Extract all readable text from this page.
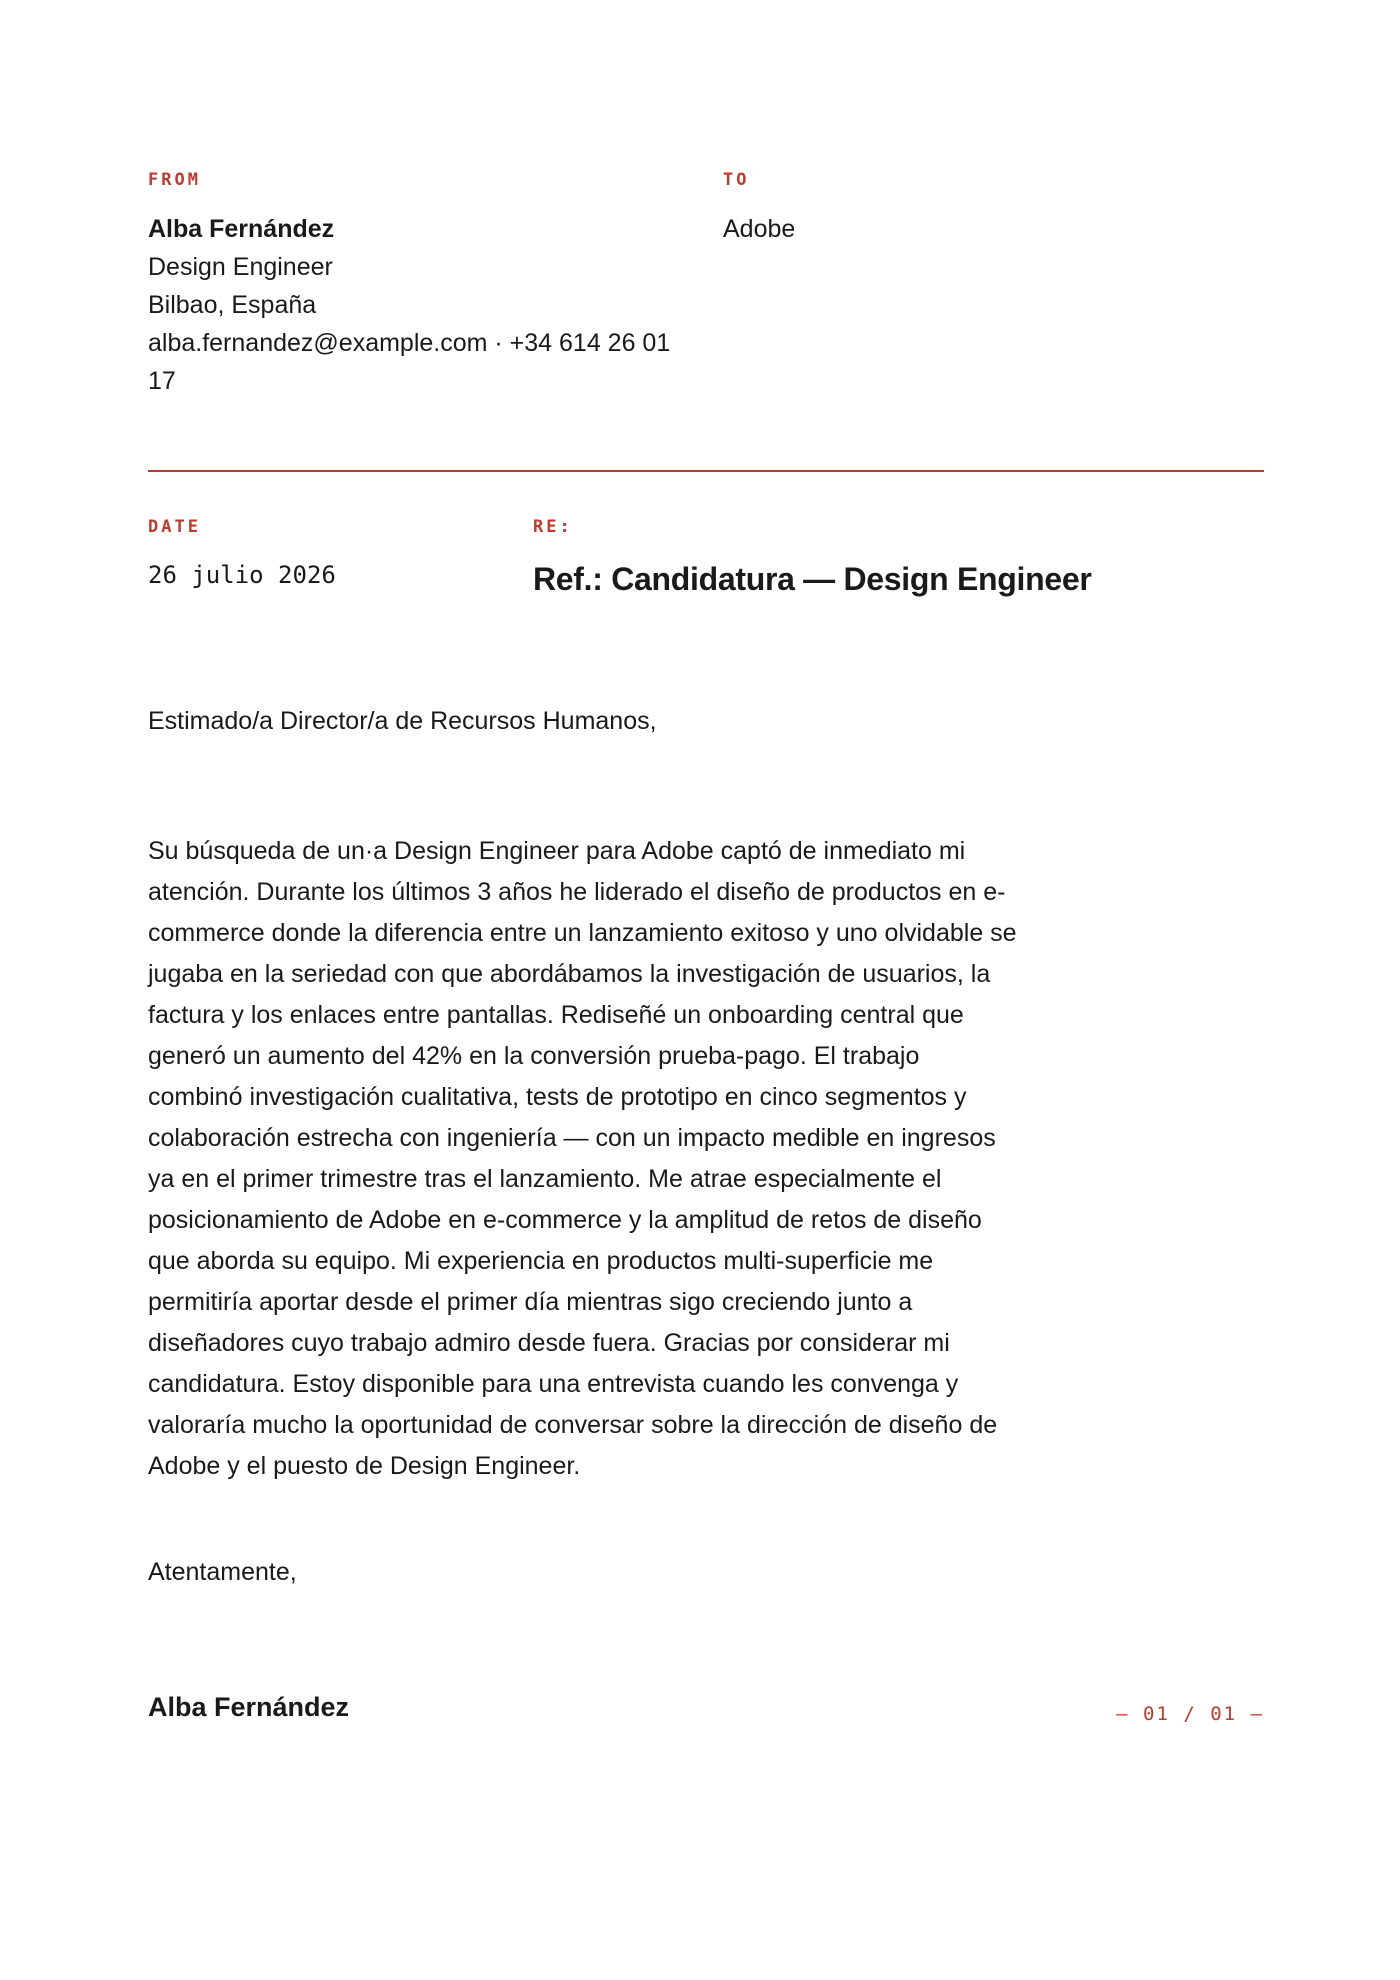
FROM	TO
Alba Fernández
Design Engineer
Bilbao, España
alba.fernandez@example.com · +34 614 26 01
17
Adobe
DATE	RE:
26 julio 2026	Ref.: Candidatura — Design Engineer
Estimado/a Director/a de Recursos Humanos,
Su búsqueda de un·a Design Engineer para Adobe captó de inmediato mi
atención. Durante los últimos 3 años he liderado el diseño de productos en e-
commerce donde la diferencia entre un lanzamiento exitoso y uno olvidable se
jugaba en la seriedad con que abordábamos la investigación de usuarios, la
factura y los enlaces entre pantallas. Rediseñé un onboarding central que
generó un aumento del 42% en la conversión prueba-pago. El trabajo
combinó investigación cualitativa, tests de prototipo en cinco segmentos y
colaboración estrecha con ingeniería — con un impacto medible en ingresos
ya en el primer trimestre tras el lanzamiento. Me atrae especialmente el
posicionamiento de Adobe en e-commerce y la amplitud de retos de diseño
que aborda su equipo. Mi experiencia en productos multi-superficie me
permitiría aportar desde el primer día mientras sigo creciendo junto a
diseñadores cuyo trabajo admiro desde fuera. Gracias por considerar mi
candidatura. Estoy disponible para una entrevista cuando les convenga y
valoraría mucho la oportunidad de conversar sobre la dirección de diseño de
Adobe y el puesto de Design Engineer.
Atentamente,
Alba Fernández	— 01 / 01 —
